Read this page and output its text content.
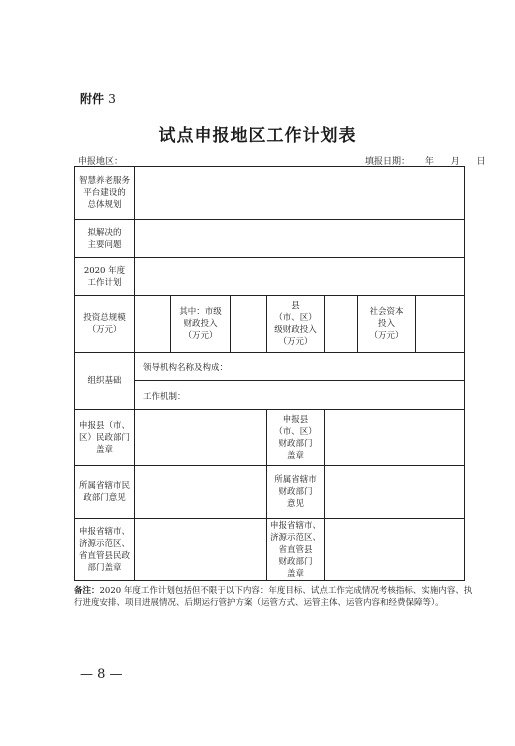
附件 3
试点申报地区工作计划表
申报地区：	填报日期： 年 月 日
智慧养老服务
平台建设的
总体规划
拟解决的
主要问题
2020 年度
工作计划
投资总规模
（万元）
其中：市级
财政投入
（万元）
县
（市、区）
级财政投入
（万元）
社会资本
投入
（万元）
组织基础
领导机构名称及构成：
工作机制：
申报县（市、
区）民政部门
盖章
申报县
（市、区）
财政部门
盖章
所属省辖市民
政部门意见
所属省辖市
财政部门
意见
申报省辖市、
济源示范区、
省直管县民政
部门盖章
申报省辖市、
济源示范区、
省直管县
财政部门
盖章
备注：2020 年度工作计划包括但不限于以下内容：年度目标、试点工作完成情况考核指标、实施内容、执行进度安排、项目进展情况、后期运行管护方案（运管方式、运管主体、运管内容和经费保障等）。
— 8 —
